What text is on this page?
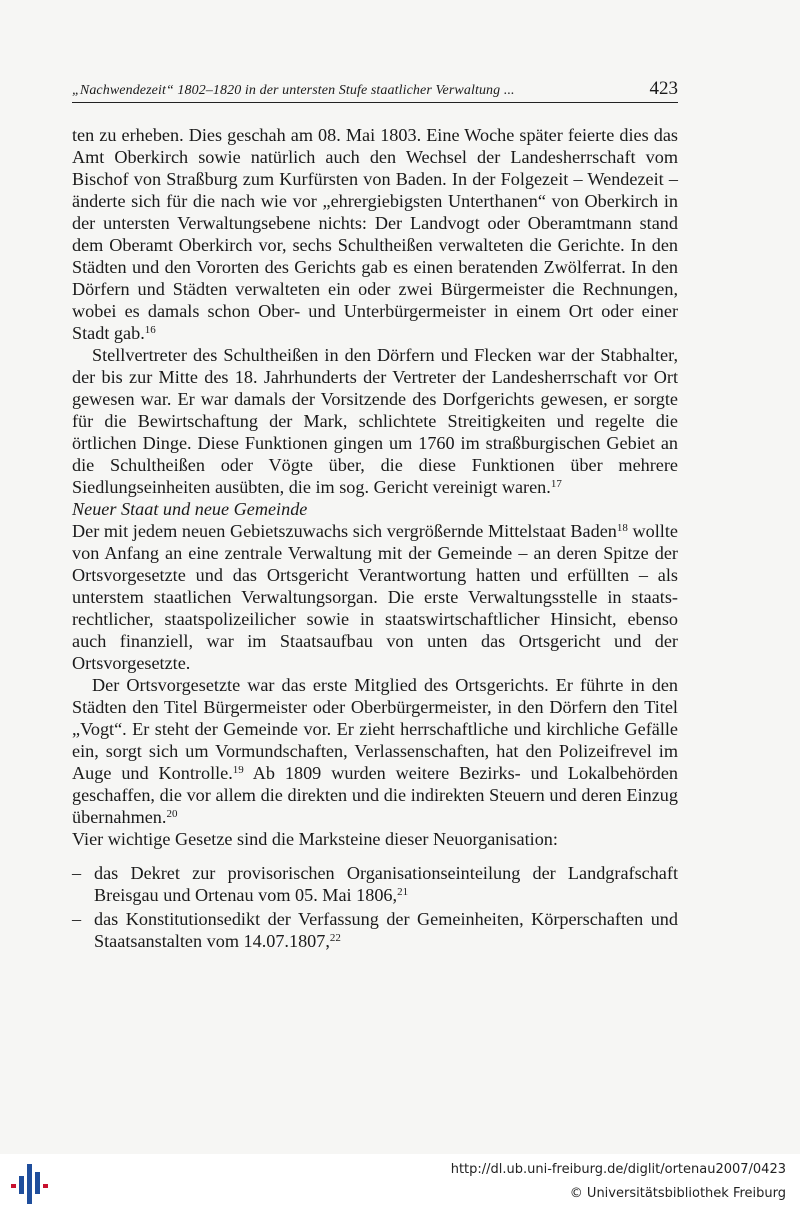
„Nachwendezeit“ 1802–1820 in der untersten Stufe staatlicher Verwaltung ...	423

ten zu erheben. Dies geschah am 08. Mai 1803. Eine Woche später feierte dies das Amt Oberkirch sowie natürlich auch den Wechsel der Landesherrschaft vom Bischof von Straßburg zum Kurfürsten von Baden. In der Folgezeit – Wendezeit – änderte sich für die nach wie vor „ehrergiebigsten Unterthanen“ von Oberkirch in der untersten Verwaltungsebene nichts: Der Landvogt oder Oberamtmann stand dem Oberamt Oberkirch vor, sechs Schultheißen verwalteten die Gerichte. In den Städten und den Vororten des Gerichts gab es einen beratenden Zwölferrat. In den Dörfern und Städten verwalteten ein oder zwei Bürgermeister die Rechnungen, wobei es damals schon Ober- und Unterbürgermeister in einem Ort oder einer Stadt gab.$^{16}$

Stellvertreter des Schultheißen in den Dörfern und Flecken war der Stabhalter, der bis zur Mitte des 18. Jahrhunderts der Vertreter der Landesherrschaft vor Ort gewesen war. Er war damals der Vorsitzende des Dorfgerichts gewesen, er sorgte für die Bewirtschaftung der Mark, schlichtete Streitigkeiten und regelte die örtlichen Dinge. Diese Funktionen gingen um 1760 im straßburgischen Gebiet an die Schultheißen oder Vögte über, die diese Funktionen über mehrere Siedlungseinheiten ausübten, die im sog. Gericht vereinigt waren.$^{17}$

Neuer Staat und neue Gemeinde

Der mit jedem neuen Gebietszuwachs sich vergrößernde Mittelstaat Baden$^{18}$ wollte von Anfang an eine zentrale Verwaltung mit der Gemeinde – an deren Spitze der Ortsvorgesetzte und das Ortsgericht Verantwortung hatten und erfüllten – als unterstem staatlichen Verwaltungsorgan. Die erste Verwaltungsstelle in staats-rechtlicher, staatspolizeilicher sowie in staatswirtschaftlicher Hinsicht, ebenso auch finanziell, war im Staatsaufbau von unten das Ortsgericht und der Ortsvorgesetzte.

Der Ortsvorgesetzte war das erste Mitglied des Ortsgerichts. Er führte in den Städten den Titel Bürgermeister oder Oberbürgermeister, in den Dörfern den Titel „Vogt“. Er steht der Gemeinde vor. Er zieht herrschaftliche und kirchliche Gefälle ein, sorgt sich um Vormundschaften, Verlassenschaften, hat den Polizeifrevel im Auge und Kontrolle.$^{19}$ Ab 1809 wurden weitere Bezirks- und Lokalbehörden geschaffen, die vor allem die direkten und die indirekten Steuern und deren Einzug übernahmen.$^{20}$

Vier wichtige Gesetze sind die Marksteine dieser Neuorganisation:

– das Dekret zur provisorischen Organisationseinteilung der Landgrafschaft Breisgau und Ortenau vom 05. Mai 1806,21
– das Konstitutionsedikt der Verfassung der Gemeinheiten, Körperschaften und Staatsanstalten vom 14.07.1807,22
http://dl.ub.uni-freiburg.de/diglit/ortenau2007/0423
© Universitätsbibliothek Freiburg
